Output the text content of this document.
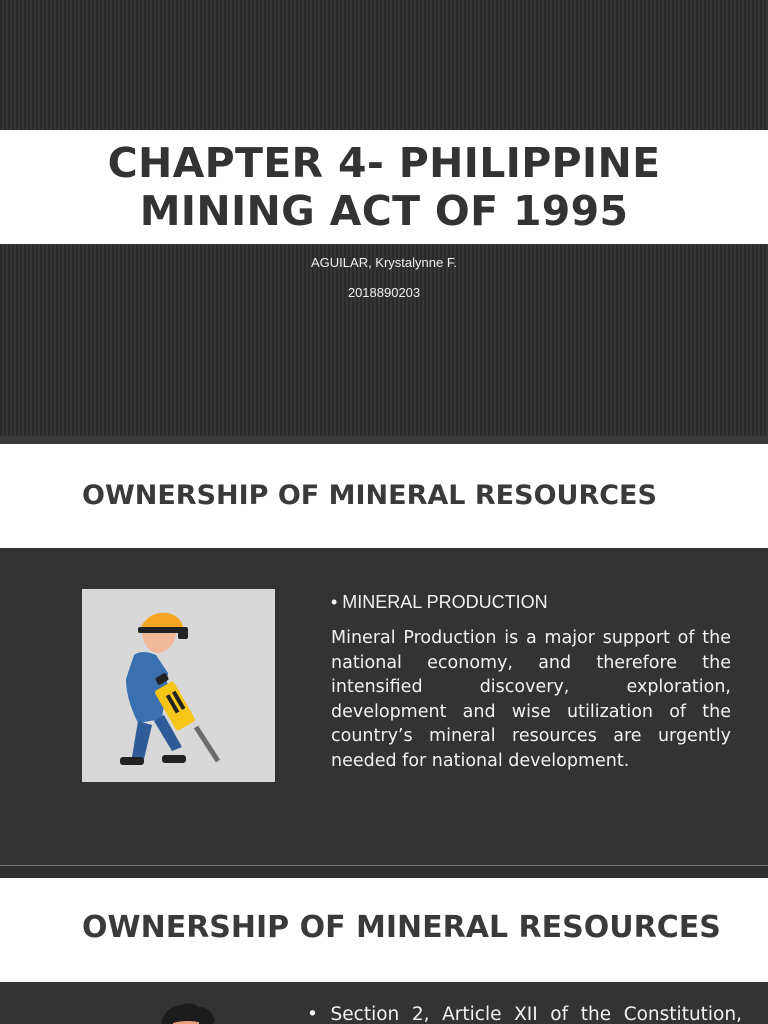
CHAPTER 4- PHILIPPINE MINING ACT OF 1995
AGUILAR, Krystalynne F.
2018890203
OWNERSHIP OF MINERAL RESOURCES
• MINERAL PRODUCTION

Mineral Production is a major support of the national economy, and therefore the intensified discovery, exploration, development and wise utilization of the country’s mineral resources are urgently needed for national development.

OWNERSHIP OF MINERAL RESOURCES

• Section 2, Article XII of the Constitution,
